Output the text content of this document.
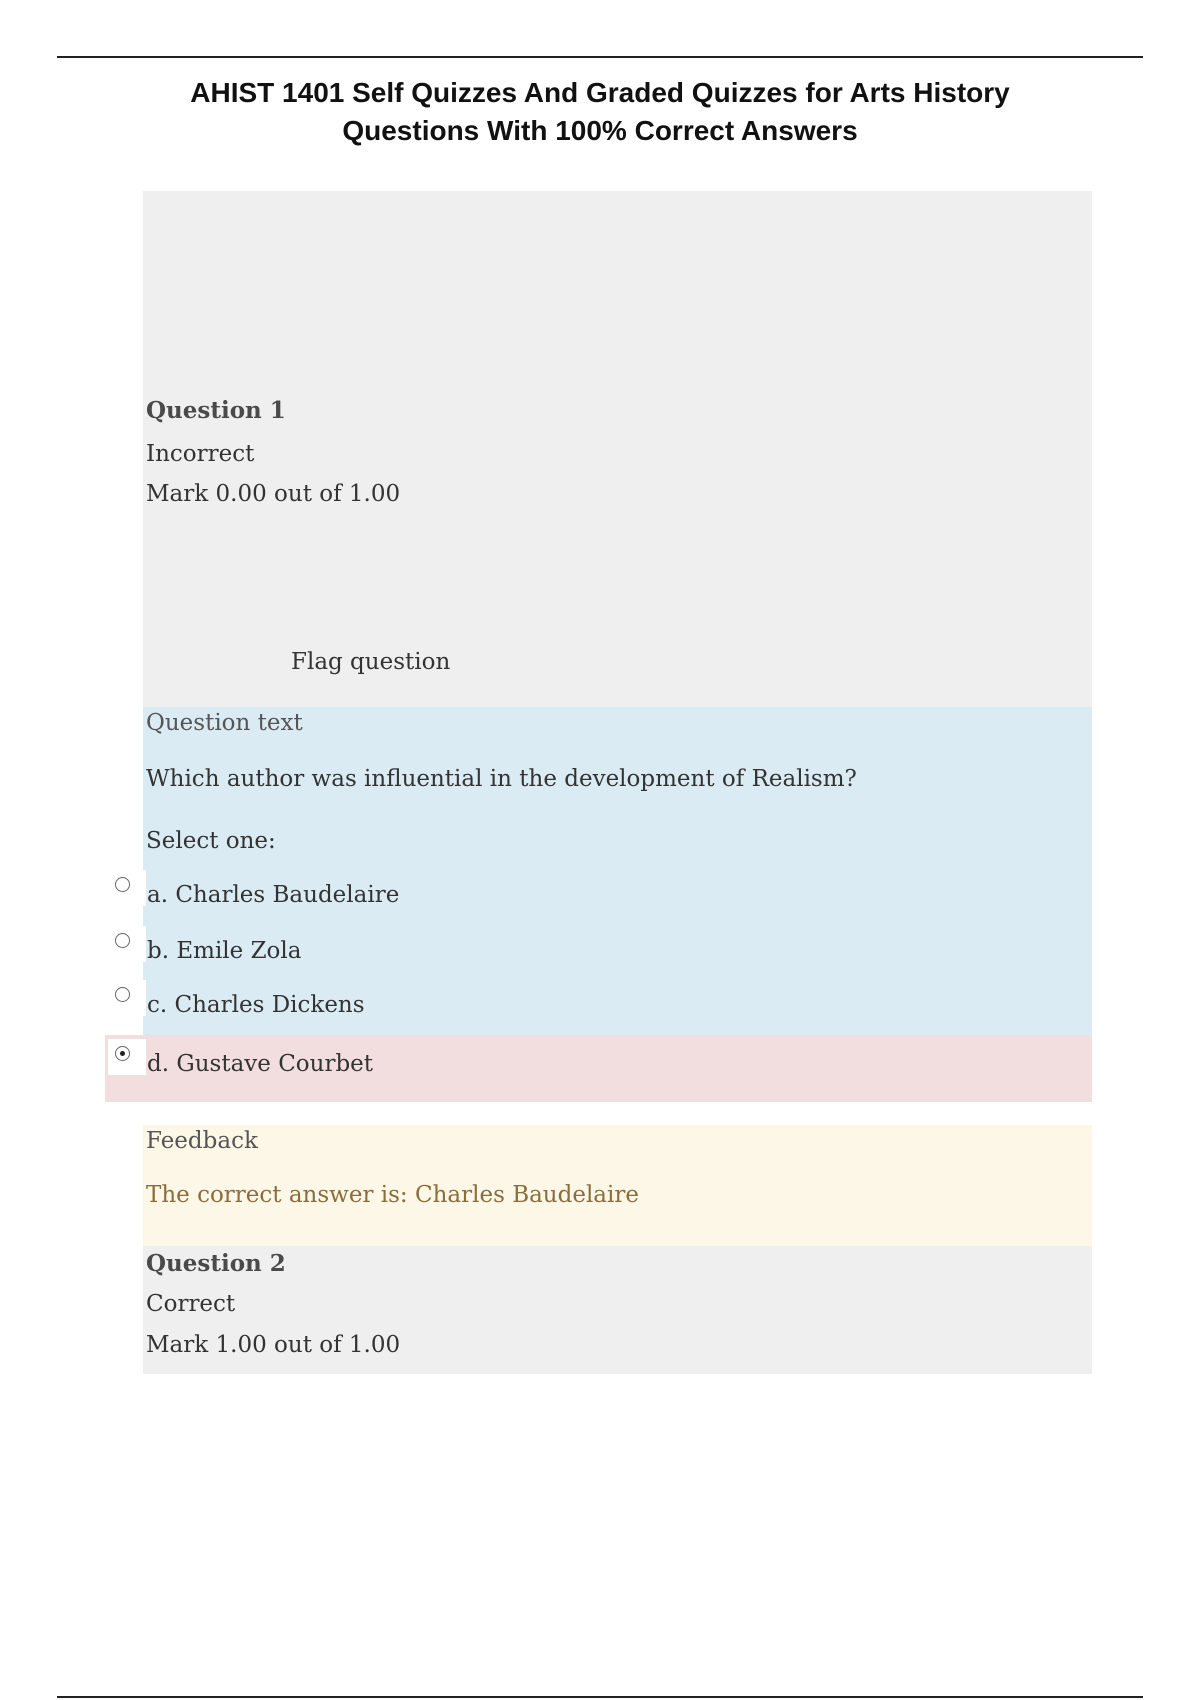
AHIST 1401 Self Quizzes And Graded Quizzes for Arts History
Questions With 100% Correct Answers
Question 1
Incorrect
Mark 0.00 out of 1.00
Flag question
Question text
Which author was influential in the development of Realism?
Select one:
a. Charles Baudelaire
b. Emile Zola
c. Charles Dickens
d. Gustave Courbet
Feedback
The correct answer is: Charles Baudelaire
Question 2
Correct
Mark 1.00 out of 1.00
